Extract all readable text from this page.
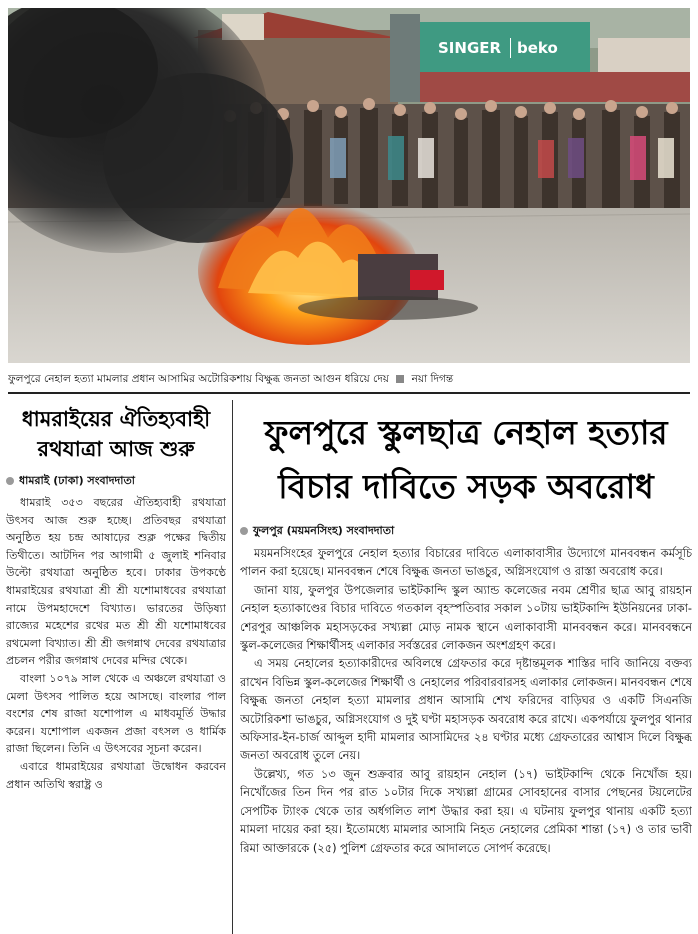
SINGER beko
ফুলপুরে নেহাল হত্যা মামলার প্রধান আসামির অটোরিকশায় বিক্ষুব্ধ জনতা আগুন ধরিয়ে দেয় নয়া দিগন্ত
ধামরাইয়ের ঐতিহ্যবাহী রথযাত্রা আজ শুরু
ধামরাই (ঢাকা) সংবাদদাতা

ধামরাই ৩৫৩ বছরের ঐতিহ্যবাহী রথযাত্রা উৎসব আজ শুরু হচ্ছে। প্রতিবছর রথযাত্রা অনুষ্ঠিত হয় চন্দ্র আষাঢ়ের শুক্ল পক্ষের দ্বিতীয় তিথীতে। আটদিন পর আগামী ৫ জুলাই শনিবার উল্টো রথযাত্রা অনুষ্ঠিত হবে। ঢাকার উপকণ্ঠে ধামরাইয়ের রথযাত্রা শ্রী শ্রী যশোমাধবের রথযাত্রা নামে উপমহাদেশে বিখ্যাত। ভারতের উড়িষ্যা রাজ্যের মহেশের রথের মত শ্রী শ্রী যশোমাধবের রথমেলা বিখ্যাত। শ্রী শ্রী জগন্নাথ দেবের রথযাত্রার প্রচলন পরীর জগন্নাথ দেবের মন্দির থেকে।

বাংলা ১০৭৯ সাল থেকে এ অঞ্চলে রথযাত্রা ও মেলা উৎসব পালিত হয়ে আসছে। বাংলার পাল বংশের শেষ রাজা যশোপাল এ মাধবমূর্তি উদ্ধার করেন। যশোপাল একজন প্রজা বৎসল ও ধার্মিক রাজা ছিলেন। তিনি এ উৎসবের সূচনা করেন।

এবারে ধামরাইয়ের রথযাত্রা উদ্বোধন করবেন প্রধান অতিথি স্বরাষ্ট্র ও

ফুলপুরে স্কুলছাত্র নেহাল হত্যার
বিচার দাবিতে সড়ক অবরোধ
ফুলপুর (ময়মনসিংহ) সংবাদদাতা

ময়মনসিংহের ফুলপুরে নেহাল হত্যার বিচারের দাবিতে এলাকাবাসীর উদ্যোগে মানববন্ধন কর্মসূচি পালন করা হয়েছে। মানববন্ধন শেষে বিক্ষুব্ধ জনতা ভাঙচুর, অগ্নিসংযোগ ও রাস্তা অবরোধ করে।

জানা যায়, ফুলপুর উপজেলার ভাইটকান্দি স্কুল অ্যান্ড কলেজের নবম শ্রেণীর ছাত্র আবু রায়হান নেহাল হত্যাকাণ্ডের বিচার দাবিতে গতকাল বৃহস্পতিবার সকাল ১০টায় ভাইটকান্দি ইউনিয়নের ঢাকা-শেরপুর আঞ্চলিক মহাসড়কের সখ্যল্লা মোড় নামক স্থানে এলাকাবাসী মানববন্ধন করে। মানববন্ধনে স্কুল-কলেজের শিক্ষার্থীসহ এলাকার সর্বস্তরের লোকজন অংশগ্রহণ করে।

এ সময় নেহালের হত্যাকারীদের অবিলম্বে গ্রেফতার করে দৃষ্টান্তমূলক শাস্তির দাবি জানিয়ে বক্তব্য রাখেন বিভিন্ন স্কুল-কলেজের শিক্ষার্থী ও নেহালের পরিবারবারসহ এলাকার লোকজন। মানববন্ধন শেষে বিক্ষুব্ধ জনতা নেহাল হত্যা মামলার প্রধান আসামি শেখ ফরিদের বাড়িঘর ও একটি সিএনজি অটোরিকশা ভাঙচুর, অগ্নিসংযোগ ও দুই ঘণ্টা মহাসড়ক অবরোধ করে রাখে। একপর্যায়ে ফুলপুর থানার অফিসার-ইন-চার্জ আব্দুল হাদী মামলার আসামিদের ২৪ ঘণ্টার মধ্যে গ্রেফতারের আশ্বাস দিলে বিক্ষুব্ধ জনতা অবরোধ তুলে নেয়।

উল্লেখ্য, গত ১৩ জুন শুক্রবার আবু রায়হান নেহাল (১৭) ভাইটকান্দি থেকে নিখোঁজ হয়। নিখোঁজের তিন দিন পর রাত ১০টার দিকে সখ্যল্লা গ্রামের সোবহানের বাসার পেছনের টয়লেটের সেপটিক ট্যাংক থেকে তার অর্ধগলিত লাশ উদ্ধার করা হয়। এ ঘটনায় ফুলপুর থানায় একটি হত্যা মামলা দায়ের করা হয়। ইতোমধ্যে মামলার আসামি নিহত নেহালের প্রেমিকা শান্তা (১৭) ও তার ভাবী রিমা আক্তারকে (২৫) পুলিশ গ্রেফতার করে আদালতে সোপর্দ করেছে।
